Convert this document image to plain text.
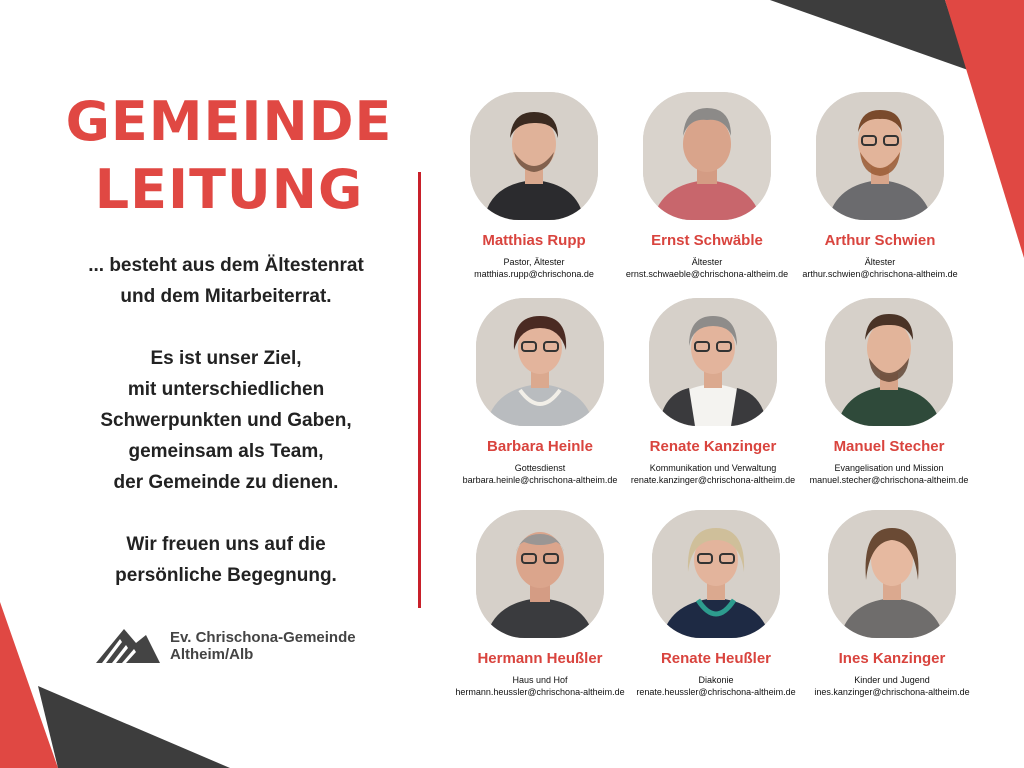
GEMEINDE
LEITUNG

... besteht aus dem Ältestenrat

und dem Mitarbeiterrat.

Es ist unser Ziel,

mit unterschiedlichen

Schwerpunkten und Gaben,

gemeinsam als Team,

der Gemeinde zu dienen.

Wir freuen uns auf die

persönliche Begegnung.

Ev. Chrischona-Gemeinde
Altheim/Alb
Matthias Rupp
Pastor, Ältester
matthias.rupp@chrischona.de
Ernst Schwäble
Ältester
ernst.schwaeble@chrischona-altheim.de
Arthur Schwien
Ältester
arthur.schwien@chrischona-altheim.de
Barbara Heinle
Gottesdienst
barbara.heinle@chrischona-altheim.de
Renate Kanzinger
Kommunikation und Verwaltung
renate.kanzinger@chrischona-altheim.de
Manuel Stecher
Evangelisation und Mission
manuel.stecher@chrischona-altheim.de
Hermann Heußler
Haus und Hof
hermann.heussler@chrischona-altheim.de
Renate Heußler
Diakonie
renate.heussler@chrischona-altheim.de
Ines Kanzinger
Kinder und Jugend
ines.kanzinger@chrischona-altheim.de
